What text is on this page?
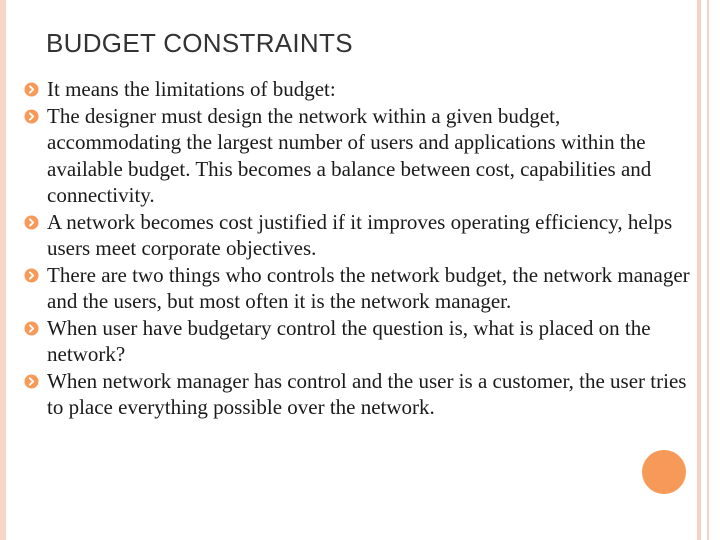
BUDGET CONSTRAINTS
It means the limitations of budget:
The designer must design the network within a given budget, accommodating the largest number of users and applications within the available budget. This becomes a balance between cost, capabilities and connectivity.
A network becomes cost justified if it improves operating efficiency, helps users meet corporate objectives.
There are two things who controls the network budget, the network manager and the users, but most often it is the network manager.
When user have budgetary control the question is, what is placed on the network?
When network manager has control and the user is a customer, the user tries to place everything possible over the network.
